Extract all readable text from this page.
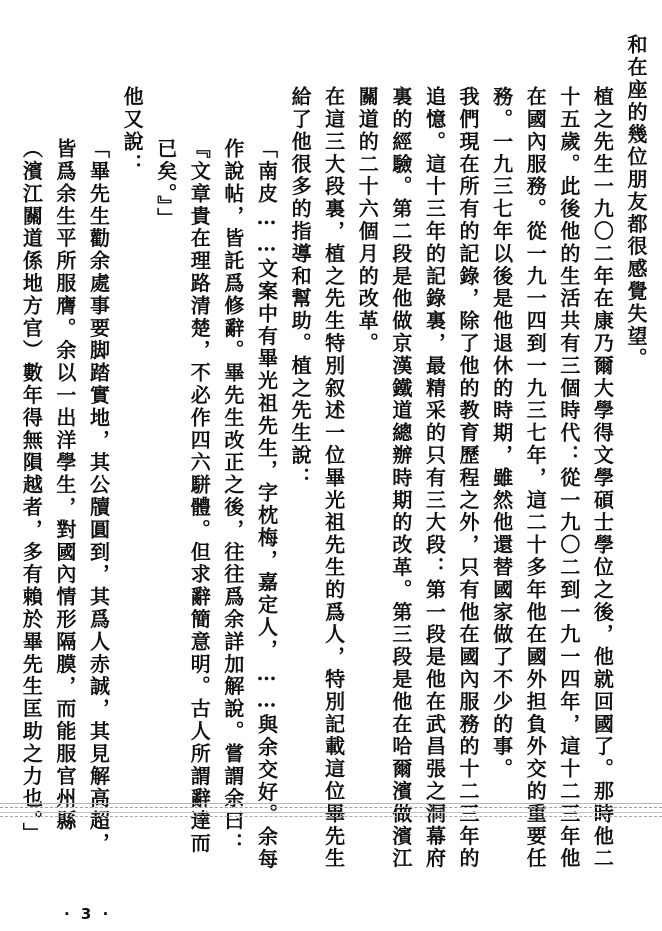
和在座的幾位朋友都很感覺失望。

植之先生一九〇二年在康乃爾大學得文學碩士學位之後，他就回國了。那時他二十五歲。此後他的生活共有三個時代：從一九〇二到一九一四年，這十二三年他在國內服務。從一九一四到一九三七年，這二十多年他在國外担負外交的重要任務。一九三七年以後是他退休的時期，雖然他還替國家做了不少的事。

我們現在所有的記錄，除了他的教育歷程之外，只有他在國內服務的十二三年的追憶。這十三年的記錄裏，最精采的只有三大段：第一段是他在武昌張之洞幕府裏的經驗。第二段是他做京漢鐵道總辦時期的改革。第三段是他在哈爾濱做濱江關道的二十六個月的改革。

在這三大段裏，植之先生特別叙述一位畢光祖先生的爲人，特別記載這位畢先生給了他很多的指導和幫助。植之先生說：

「南皮……文案中有畢光祖先生，字枕梅，嘉定人，……與余交好。余每作說帖，皆託爲修辭。畢先生改正之後，往往爲余詳加解說。嘗謂余曰：『文章貴在理路清楚，不必作四六駢體。但求辭簡意明。古人所謂辭達而已矣。』」

他又說：

「畢先生勸余處事要脚踏實地，其公牘圓到，其爲人赤誠，其見解高超，皆爲余生平所服膺。余以一出洋學生，對國內情形隔膜，而能服官州縣（濱江關道係地方官）數年得無隕越者，多有賴於畢先生匡助之力也。」

· 3 ·
